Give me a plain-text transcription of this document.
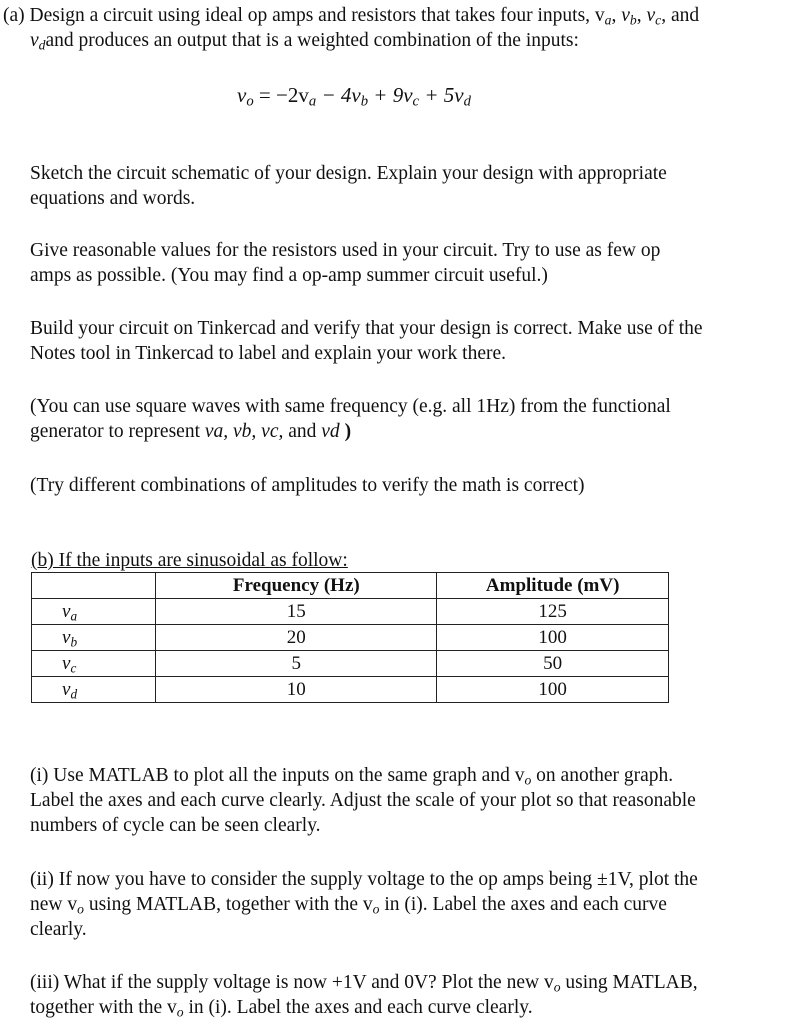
(a) Design a circuit using ideal op amps and resistors that takes four inputs, $v_a$, $v_b$, $v_c$, and
$v_dand$ produces an output that is a weighted combination of the inputs:
$v_o = -2v_a - 4v_b + 9v_c + 5v_d$
Sketch the circuit schematic of your design. Explain your design with appropriate
equations and words.
Give reasonable values for the resistors used in your circuit. Try to use as few op
amps as possible. (You may find a op-amp summer circuit useful.)
Build your circuit on Tinkercad and verify that your design is correct. Make use of the
Notes tool in Tinkercad to label and explain your work there.
(You can use square waves with same frequency (e.g. all 1Hz) from the functional
generator to represent va, vb, vc, and vd )
(Try different combinations of amplitudes to verify the math is correct)
(b) If the inputs are sinusoidal as follow:
	Frequency (Hz)	Amplitude (mV)
$v_a$	15	125
$v_b$	20	100
$v_c$	5	50
$v_d$	10	100
(i) Use MATLAB to plot all the inputs on the same graph and $v_o$ on another graph.
Label the axes and each curve clearly. Adjust the scale of your plot so that reasonable
numbers of cycle can be seen clearly.
(ii) If now you have to consider the supply voltage to the op amps being ±1V, plot the
new $v_o$ using MATLAB, together with the $v_o$ in (i). Label the axes and each curve
clearly.
(iii) What if the supply voltage is now +1V and 0V? Plot the new $v_o$ using MATLAB,
together with the $v_o$ in (i). Label the axes and each curve clearly.
